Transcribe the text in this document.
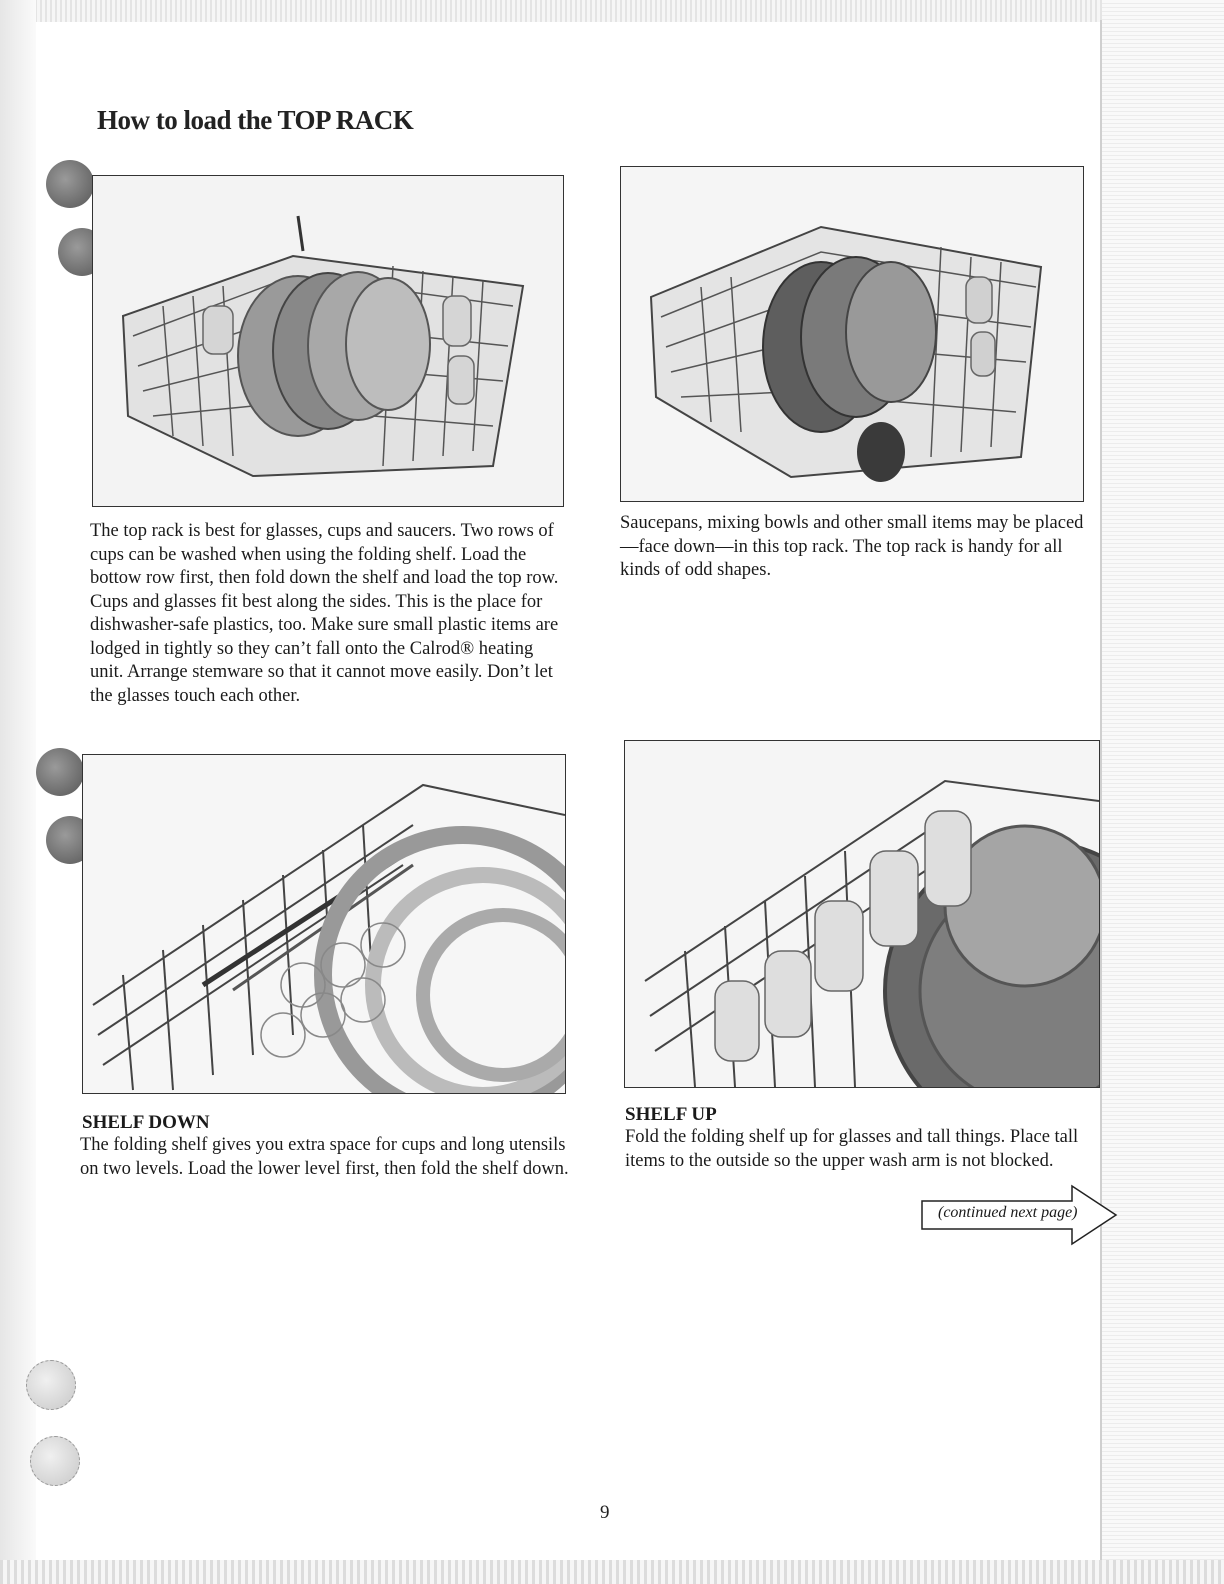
How to load the TOP RACK

The top rack is best for glasses, cups and saucers. Two rows of cups can be washed when using the folding shelf. Load the bottow row first, then fold down the shelf and load the top row. Cups and glasses fit best along the sides. This is the place for dishwasher-safe plastics, too. Make sure small plastic items are lodged in tightly so they can’t fall onto the Calrod® heating unit. Arrange stemware so that it cannot move easily. Don’t let the glasses touch each other.

Saucepans, mixing bowls and other small items may be placed—face down—in this top rack. The top rack is handy for all kinds of odd shapes.

SHELF DOWN

The folding shelf gives you extra space for cups and long utensils on two levels. Load the lower level first, then fold the shelf down.

SHELF UP

Fold the folding shelf up for glasses and tall things. Place tall items to the outside so the upper wash arm is not blocked.

(continued next page)
9
